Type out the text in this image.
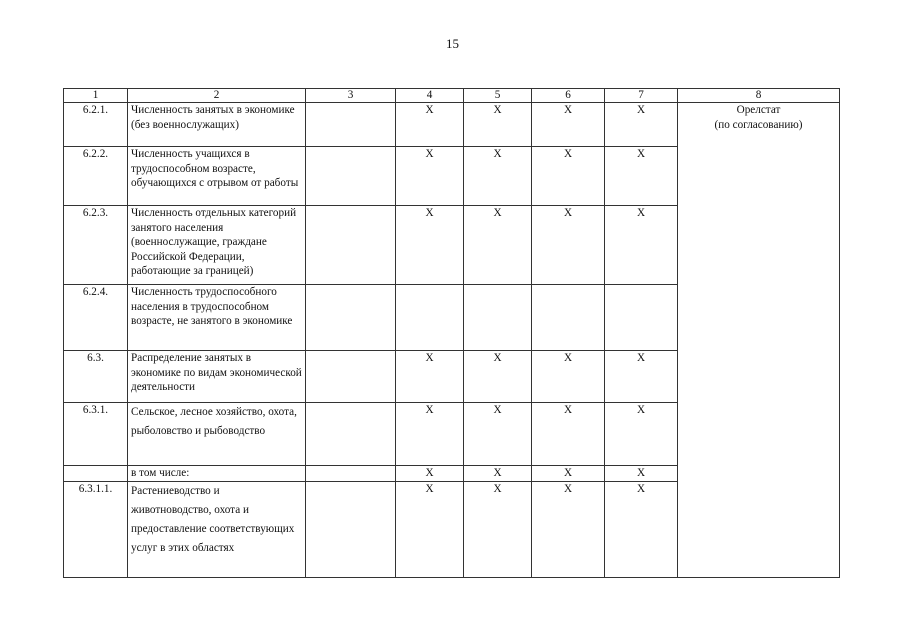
15
1	2	3	4	5	6	7	8
6.2.1.	Численность занятых в экономике (без военнослужащих)		X	X	X	X	Орелстат
(по согласованию)

6.2.2.	Численность учащихся в трудоспособном возрасте, обучающихся с отрывом от работы		X	X	X	X	
6.2.3.	Численность отдельных категорий занятого населения (военнослужащие, граждане Российской Федерации, работающие за границей)		X	X	X	X	
6.2.4.	Численность трудоспособного населения в трудоспособном возрасте, не занятого в экономике						
6.3.	Распределение занятых в экономике по видам экономической деятельности		X	X	X	X	
6.3.1.	Сельское, лесное хозяйство, охота, рыболовство и рыбоводство		X	X	X	X	
	в том числе:		X	X	X	X	
6.3.1.1.	Растениеводство и животноводство, охота и предоставление соответствующих услуг в этих областях		X	X	X	X	
